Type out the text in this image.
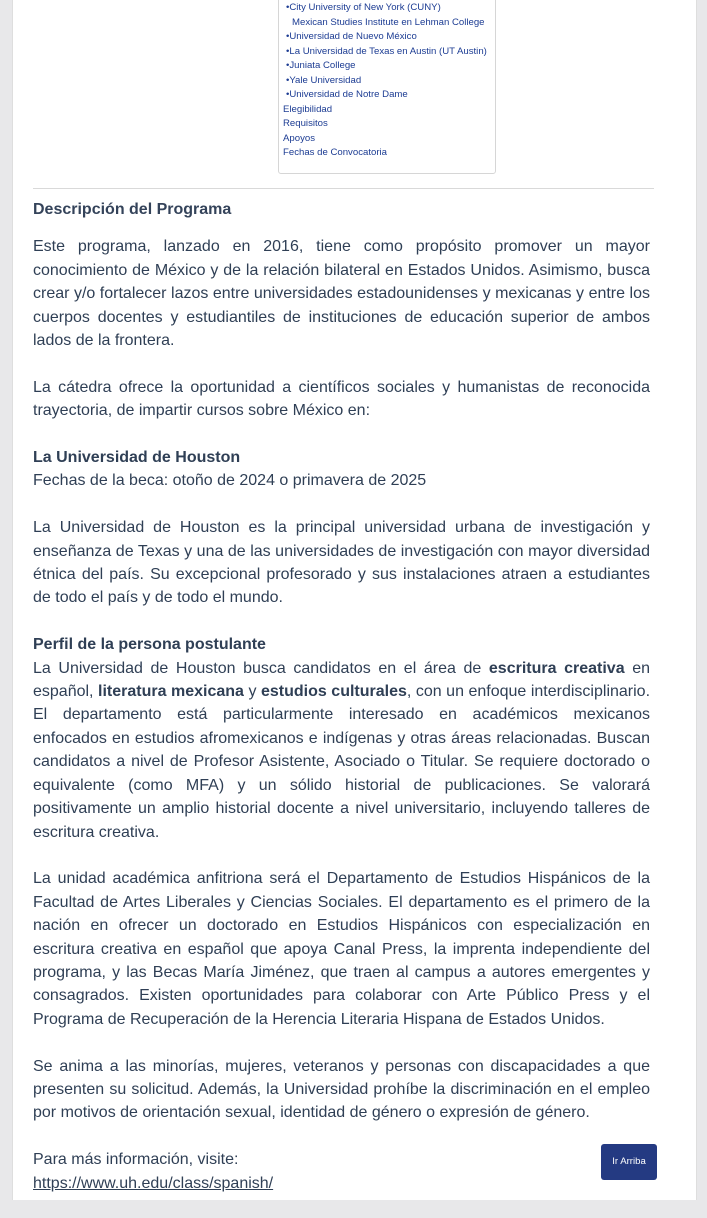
•City University of New York (CUNY)
Mexican Studies Institute en Lehman College
•Universidad de Nuevo México
•La Universidad de Texas en Austin (UT Austin)
•Juniata College
•Yale Universidad
•Universidad de Notre Dame
Elegibilidad
Requisitos
Apoyos
Fechas de Convocatoria
Descripción del Programa

Este programa, lanzado en 2016, tiene como propósito promover un mayor conocimiento de México y de la relación bilateral en Estados Unidos. Asimismo, busca crear y/o fortalecer lazos entre universidades estadounidenses y mexicanas y entre los cuerpos docentes y estudiantiles de instituciones de educación superior de ambos lados de la frontera.

La cátedra ofrece la oportunidad a científicos sociales y humanistas de reconocida trayectoria, de impartir cursos sobre México en:

La Universidad de Houston
Fechas de la beca: otoño de 2024 o primavera de 2025

La Universidad de Houston es la principal universidad urbana de investigación y enseñanza de Texas y una de las universidades de investigación con mayor diversidad étnica del país. Su excepcional profesorado y sus instalaciones atraen a estudiantes de todo el país y de todo el mundo.

Perfil de la persona postulante
La Universidad de Houston busca candidatos en el área de escritura creativa en español, literatura mexicana y estudios culturales, con un enfoque interdisciplinario. El departamento está particularmente interesado en académicos mexicanos enfocados en estudios afromexicanos e indígenas y otras áreas relacionadas. Buscan candidatos a nivel de Profesor Asistente, Asociado o Titular. Se requiere doctorado o equivalente (como MFA) y un sólido historial de publicaciones. Se valorará positivamente un amplio historial docente a nivel universitario, incluyendo talleres de escritura creativa.

La unidad académica anfitriona será el Departamento de Estudios Hispánicos de la Facultad de Artes Liberales y Ciencias Sociales. El departamento es el primero de la nación en ofrecer un doctorado en Estudios Hispánicos con especialización en escritura creativa en español que apoya Canal Press, la imprenta independiente del programa, y las Becas María Jiménez, que traen al campus a autores emergentes y consagrados. Existen oportunidades para colaborar con Arte Público Press y el Programa de Recuperación de la Herencia Literaria Hispana de Estados Unidos.

Se anima a las minorías, mujeres, veteranos y personas con discapacidades a que presenten su solicitud. Además, la Universidad prohíbe la discriminación en el empleo por motivos de orientación sexual, identidad de género o expresión de género.

Para más información, visite:
https://www.uh.edu/class/spanish/

Ir Arriba
